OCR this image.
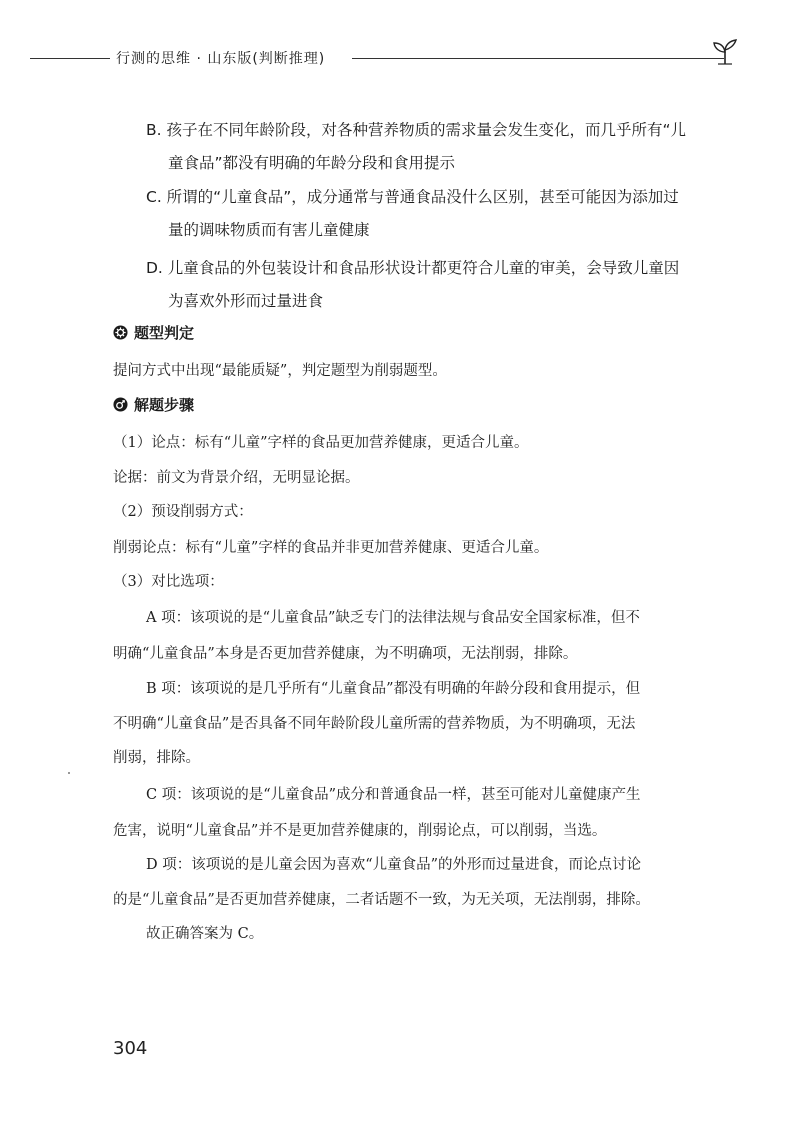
行测的思维 · 山东版(判断推理)
B. 孩子在不同年龄阶段，对各种营养物质的需求量会发生变化，而几乎所有“儿
童食品”都没有明确的年龄分段和食用提示
C. 所谓的“儿童食品”，成分通常与普通食品没什么区别，甚至可能因为添加过
量的调味物质而有害儿童健康
D. 儿童食品的外包装设计和食品形状设计都更符合儿童的审美，会导致儿童因
为喜欢外形而过量进食
题型判定
提问方式中出现“最能质疑”，判定题型为削弱题型。
解题步骤
（1）论点：标有“儿童”字样的食品更加营养健康，更适合儿童。
论据：前文为背景介绍，无明显论据。
（2）预设削弱方式：
削弱论点：标有“儿童”字样的食品并非更加营养健康、更适合儿童。
（3）对比选项：
A 项：该项说的是“儿童食品”缺乏专门的法律法规与食品安全国家标准，但不
明确“儿童食品”本身是否更加营养健康，为不明确项，无法削弱，排除。
B 项：该项说的是几乎所有“儿童食品”都没有明确的年龄分段和食用提示，但
不明确“儿童食品”是否具备不同年龄阶段儿童所需的营养物质，为不明确项，无法
削弱，排除。
C 项：该项说的是“儿童食品”成分和普通食品一样，甚至可能对儿童健康产生
危害，说明“儿童食品”并不是更加营养健康的，削弱论点，可以削弱，当选。
D 项：该项说的是儿童会因为喜欢“儿童食品”的外形而过量进食，而论点讨论
的是“儿童食品”是否更加营养健康，二者话题不一致，为无关项，无法削弱，排除。
故正确答案为 C。
304
